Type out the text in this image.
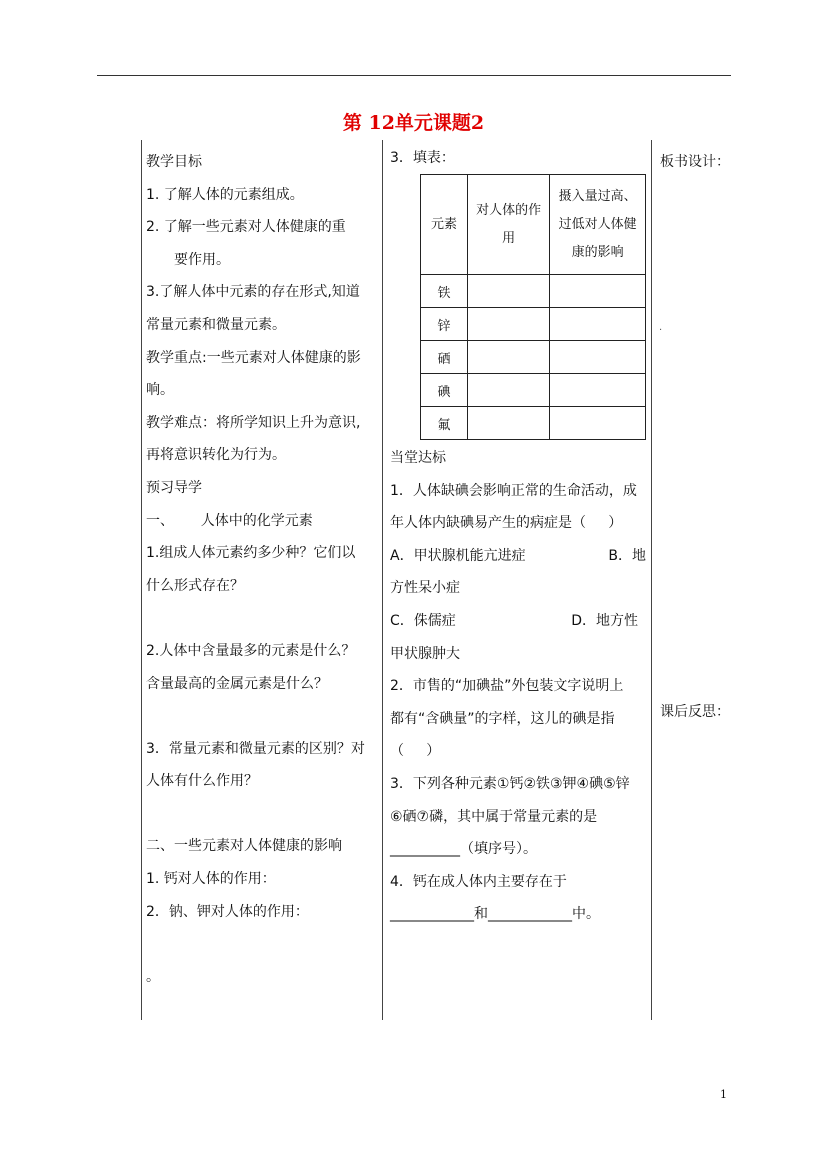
第 12单元课题2
教学目标
1. 了解人体的元素组成。
2. 了解一些元素对人体健康的重
要作用。
3.了解人体中元素的存在形式,知道
常量元素和微量元素。
教学重点:一些元素对人体健康的影
响。
教学难点：将所学知识上升为意识,
再将意识转化为行为。
预习导学
一、      人体中的化学元素
1.组成人体元素约多少种？它们以
什么形式存在？
2.人体中含量最多的元素是什么？
含量最高的金属元素是什么？
3．常量元素和微量元素的区别？对
人体有什么作用？
二、一些元素对人体健康的影响
1. 钙对人体的作用：
2．钠、钾对人体的作用：
。
3．填表：
元素	对人体的作用	摄入量过高、过低对人体健康的影响
铁		
锌		
硒		
碘		
氟		
当堂达标
1．人体缺碘会影响正常的生命活动，成
年人体内缺碘易产生的病症是（     ）
A．甲状腺机能亢进症	B．地
方性呆小症
C．侏儒症	D．地方性
甲状腺肿大
2．市售的“加碘盐”外包装文字说明上
都有“含碘量”的字样，这儿的碘是指
（     ）
3．下列各种元素①钙②铁③钾④碘⑤锌
⑥硒⑦磷，其中属于常量元素的是
__________（填序号）。
4．钙在成人体内主要存在于
____________和____________中。
板书设计：
课后反思：
.
1
